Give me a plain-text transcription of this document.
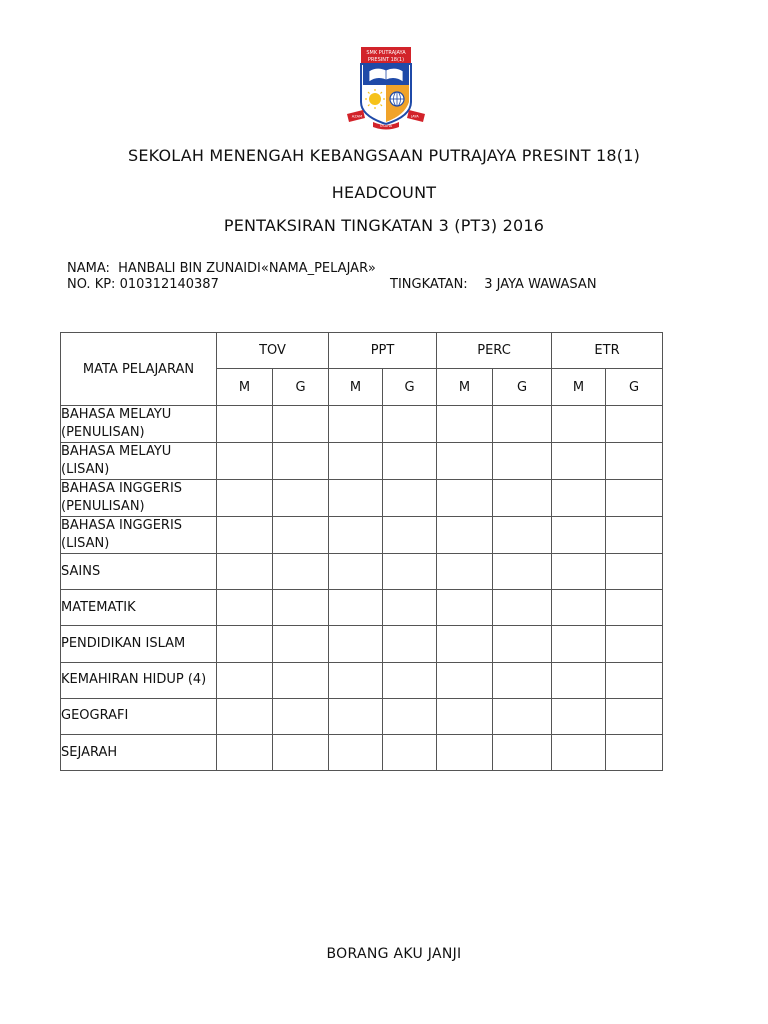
SMK PUTRAJAYA
PRESINT 18(1)
AZAM	JAYA
USAHA
SEKOLAH MENENGAH KEBANGSAAN PUTRAJAYA PRESINT 18(1)
HEADCOUNT
PENTAKSIRAN TINGKATAN 3 (PT3) 2016
NAMA: HANBALI BIN ZUNAIDI«NAMA_PELAJAR»
NO. KP: 010312140387	TINGKATAN: 3 JAYA WAWASAN
MATA PELAJARAN	TOV		PPT		PERC		ETR	
	M	G	M	G	M	G	M	G

BAHASA MELAYU
(PENULISAN)								

BAHASA MELAYU
(LISAN)								

BAHASA INGGERIS
(PENULISAN)								

BAHASA INGGERIS
(LISAN)								

SAINS								

MATEMATIK								

PENDIDIKAN ISLAM								

KEMAHIRAN HIDUP (4)								

GEOGRAFI								

SEJARAH								

BORANG AKU JANJI
